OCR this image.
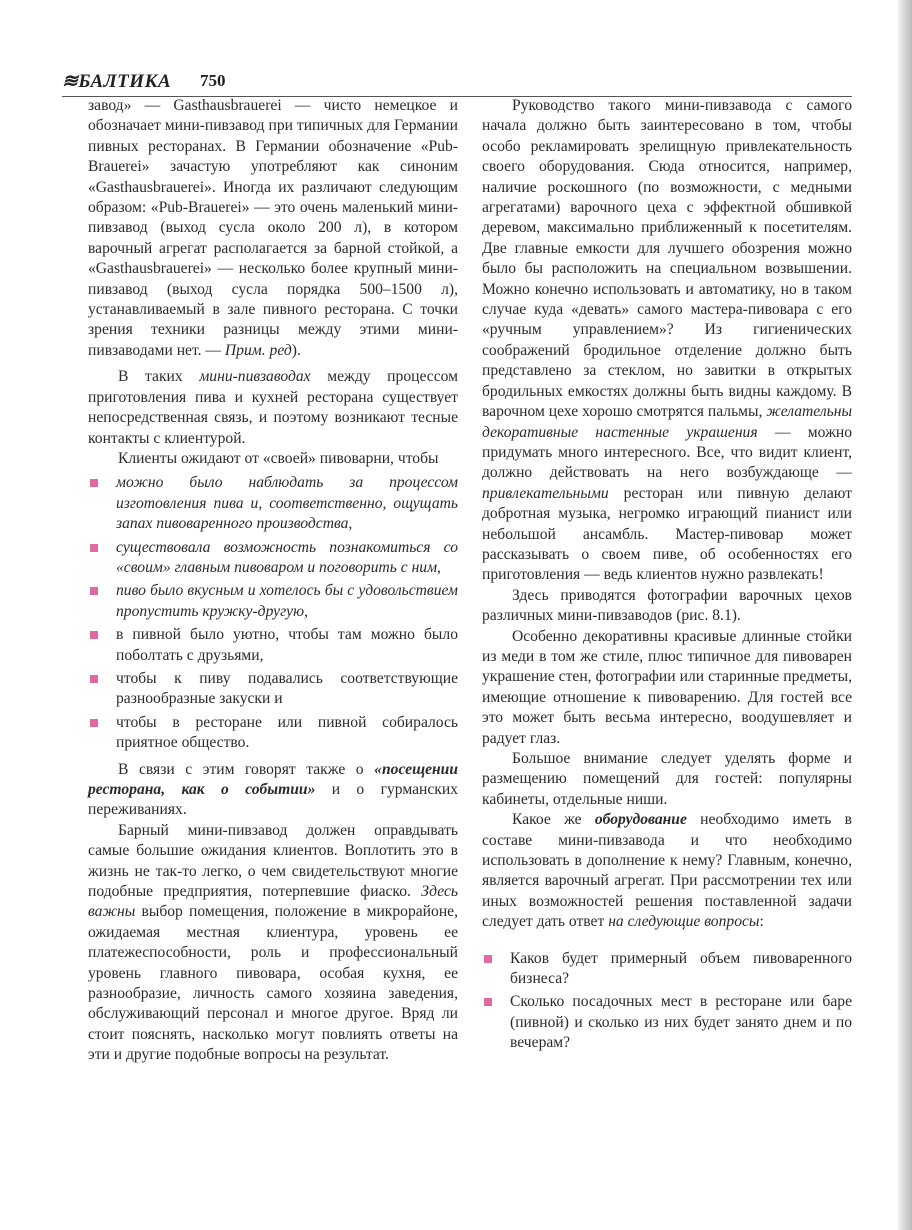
≋БАЛТИКА 750

завод» — Gasthausbrauerei — чисто немецкое и обозначает мини-пивзавод при типичных для Германии пивных ресторанах. В Германии обозначение «Pub-Brauerei» зачастую употребляют как синоним «Gasthausbrauerei». Иногда их различают следующим образом: «Pub-Brauerei» — это очень маленький мини-пивзавод (выход сусла около 200 л), в котором варочный агрегат располагается за барной стойкой, а «Gasthausbrauerei» — несколько более крупный мини-пивзавод (выход сусла порядка 500–1500 л), устанавливаемый в зале пивного ресторана. С точки зрения техники разницы между этими мини-пивзаводами нет. — Прим. ред).

В таких мини-пивзаводах между процессом приготовления пива и кухней ресторана существует непосредственная связь, и поэтому возникают тесные контакты с клиентурой.

Клиенты ожидают от «своей» пивоварни, чтобы

можно было наблюдать за процессом изготовления пива и, соответственно, ощущать запах пивоваренного производства,
существовала возможность познакомиться со «своим» главным пивоваром и поговорить с ним,
пиво было вкусным и хотелось бы с удовольствием пропустить кружку-другую,
в пивной было уютно, чтобы там можно было поболтать с друзьями,
чтобы к пиву подавались соответствующие разнообразные закуски и
чтобы в ресторане или пивной собиралось приятное общество.

В связи с этим говорят также о «посещении ресторана, как о событии» и о гурманских переживаниях.

Барный мини-пивзавод должен оправдывать самые большие ожидания клиентов. Воплотить это в жизнь не так-то легко, о чем свидетельствуют многие подобные предприятия, потерпевшие фиаско. Здесь важны выбор помещения, положение в микрорайоне, ожидаемая местная клиентура, уровень ее платежеспособности, роль и профессиональный уровень главного пивовара, особая кухня, ее разнообразие, личность самого хозяина заведения, обслуживающий персонал и многое другое. Вряд ли стоит пояснять, насколько могут повлиять ответы на эти и другие подобные вопросы на результат.

Руководство такого мини-пивзавода с самого начала должно быть заинтересовано в том, чтобы особо рекламировать зрелищную привлекательность своего оборудования. Сюда относится, например, наличие роскошного (по возможности, с медными агрегатами) варочного цеха с эффектной обшивкой деревом, максимально приближенный к посетителям. Две главные емкости для лучшего обозрения можно было бы расположить на специальном возвышении. Можно конечно использовать и автоматику, но в таком случае куда «девать» самого мастера-пивовара с его «ручным управлением»? Из гигиенических соображений бродильное отделение должно быть представлено за стеклом, но завитки в открытых бродильных емкостях должны быть видны каждому. В варочном цехе хорошо смотрятся пальмы, желательны декоративные настенные украшения — можно придумать много интересного. Все, что видит клиент, должно действовать на него возбуждающе — привлекательными ресторан или пивную делают добротная музыка, негромко играющий пианист или небольшой ансамбль. Мастер-пивовар может рассказывать о своем пиве, об особенностях его приготовления — ведь клиентов нужно развлекать!

Здесь приводятся фотографии варочных цехов различных мини-пивзаводов (рис. 8.1).

Особенно декоративны красивые длинные стойки из меди в том же стиле, плюс типичное для пивоварен украшение стен, фотографии или старинные предметы, имеющие отношение к пивоварению. Для гостей все это может быть весьма интересно, воодушевляет и радует глаз.

Большое внимание следует уделять форме и размещению помещений для гостей: популярны кабинеты, отдельные ниши.

Какое же оборудование необходимо иметь в составе мини-пивзавода и что необходимо использовать в дополнение к нему? Главным, конечно, является варочный агрегат. При рассмотрении тех или иных возможностей решения поставленной задачи следует дать ответ на следующие вопросы:

Каков будет примерный объем пивоваренного бизнеса?
Сколько посадочных мест в ресторане или баре (пивной) и сколько из них будет занято днем и по вечерам?
